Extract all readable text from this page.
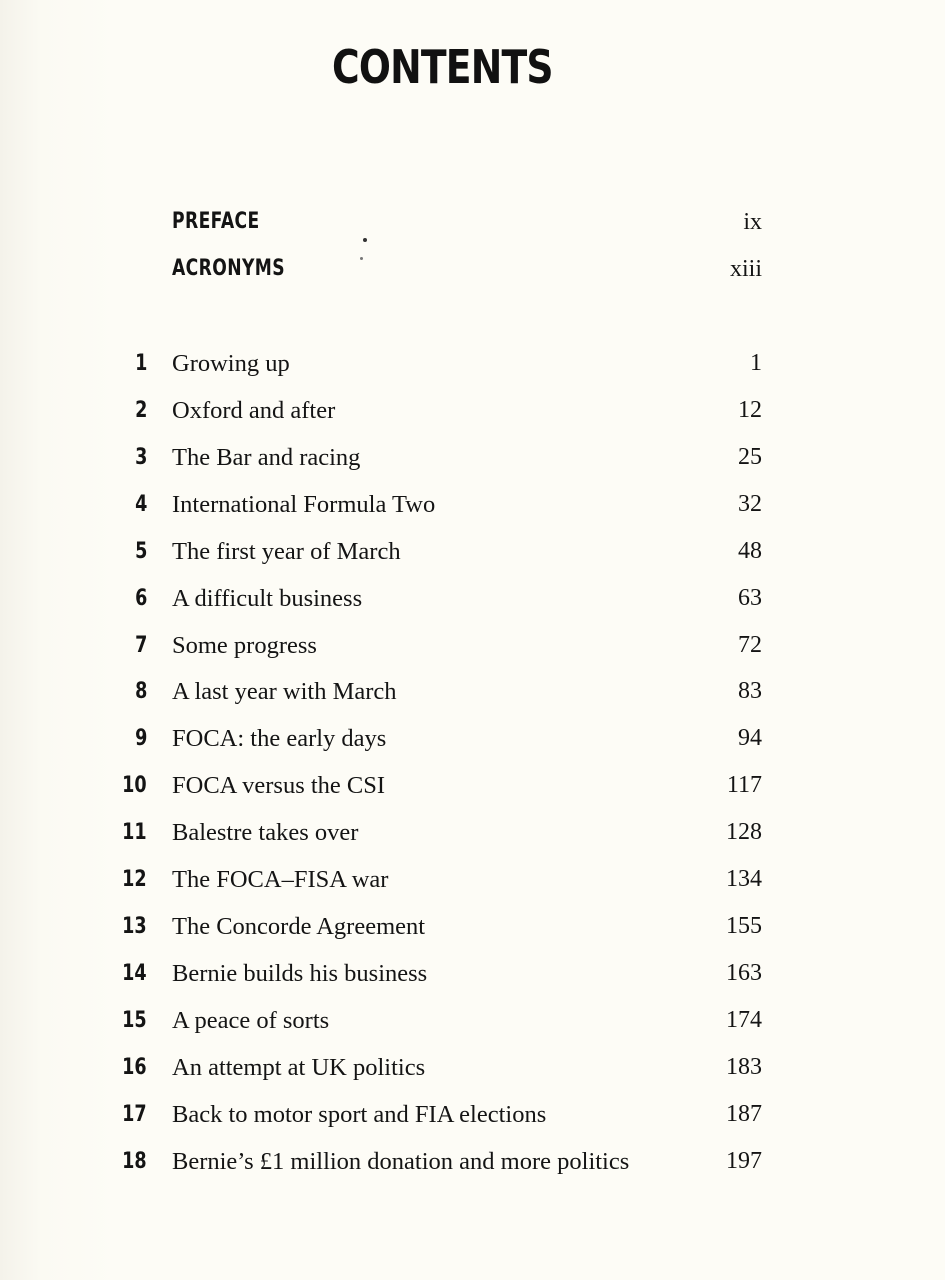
CONTENTS
PREFACE	ix
ACRONYMS	xiii
1 Growing up	1
2 Oxford and after	12
3 The Bar and racing	25
4 International Formula Two	32
5 The first year of March	48
6 A difficult business	63
7 Some progress	72
8 A last year with March	83
9 FOCA: the early days	94
10 FOCA versus the CSI	117
11 Balestre takes over	128
12 The FOCA–FISA war	134
13 The Concorde Agreement	155
14 Bernie builds his business	163
15 A peace of sorts	174
16 An attempt at UK politics	183
17 Back to motor sport and FIA elections	187
18 Bernie’s £1 million donation and more politics	197
